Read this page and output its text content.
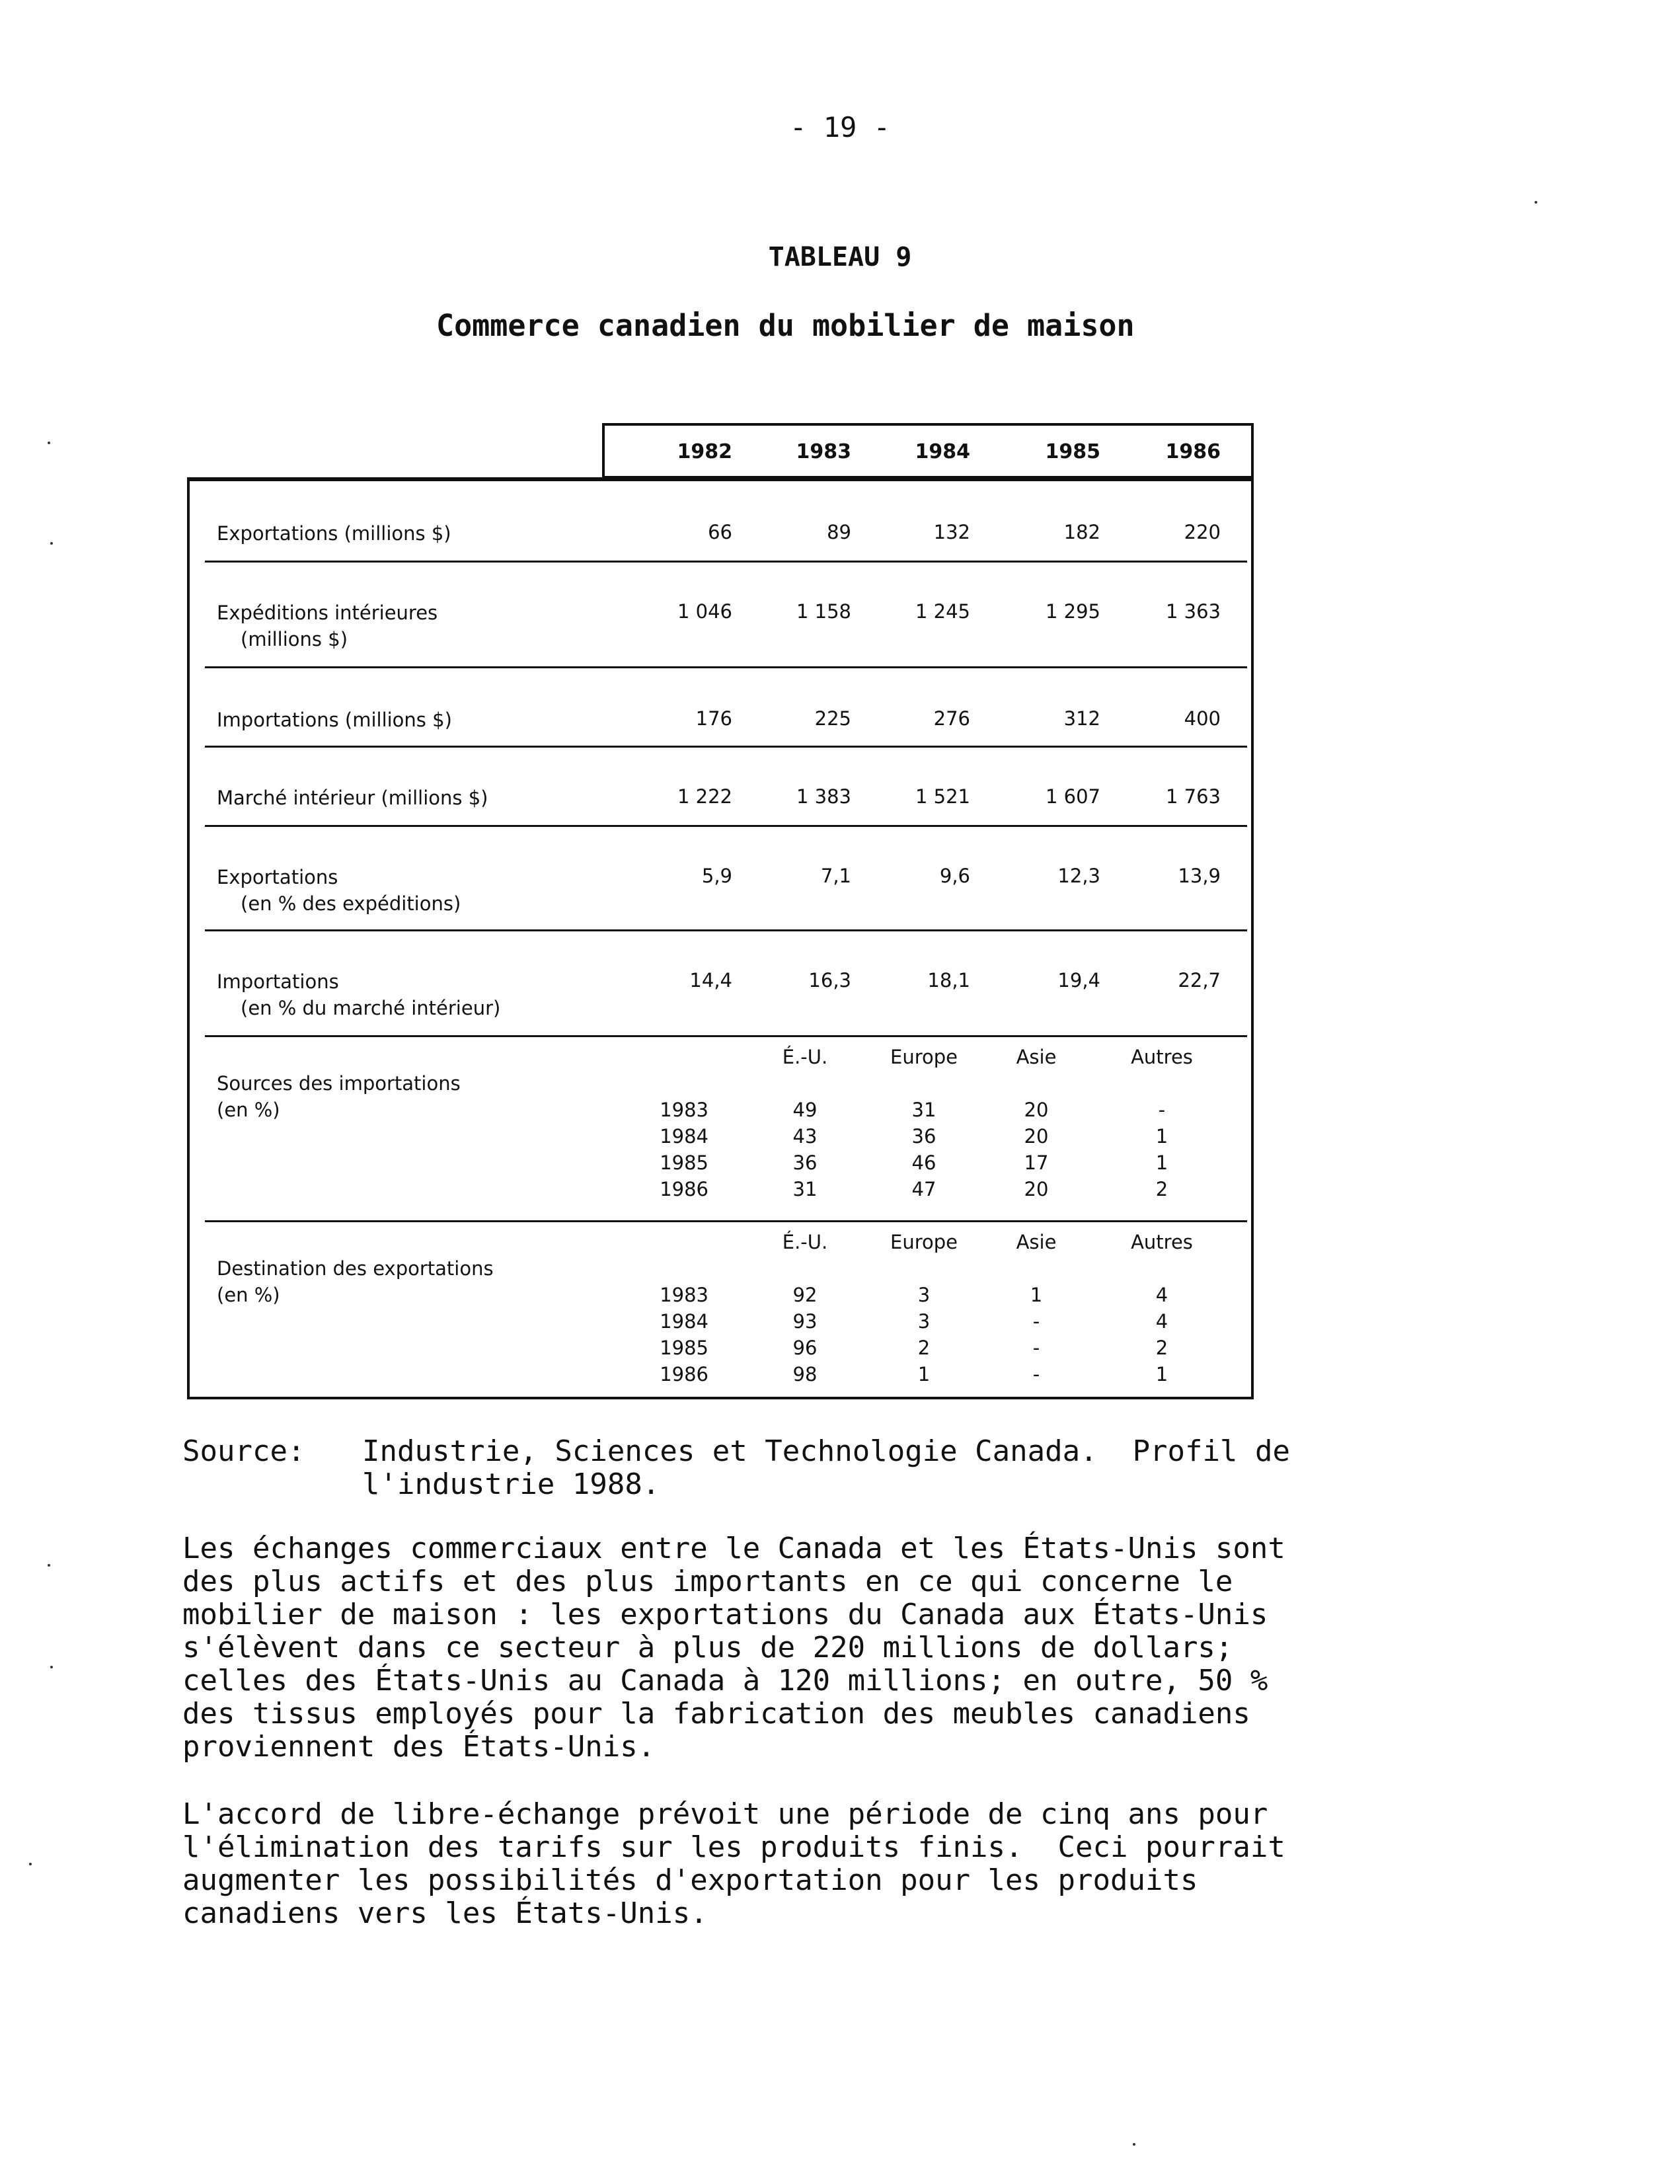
- 19 -
TABLEAU 9
Commerce canadien du mobilier de maison
1982	1983	1984	1985	1986
Exportations (millions $)	66	89	132	182	220
Expéditions intérieures
(millions $)
1 046	1 158	1 245	1 295	1 363
Importations (millions $)	176	225	276	312	400
Marché intérieur (millions $)	1 222	1 383	1 521	1 607	1 763
Exportations
(en % des expéditions)
5,9	7,1	9,6	12,3	13,9
Importations
(en % du marché intérieur)
14,4	16,3	18,1	19,4	22,7
É.-U.	Europe	Asie	Autres
Sources des importations
(en %)	1983	49	31	20	-
1984	43	36	20	1
1985	36	46	17	1
1986	31	47	20	2
É.-U.	Europe	Asie	Autres
Destination des exportations
(en %)	1983	92	3	1	4
1984	93	3	-	4
1985	96	2	-	2
1986	98	1	-	1
Source: Industrie, Sciences et Technologie Canada.  Profil de
l'industrie 1988.
Les échanges commerciaux entre le Canada et les États-Unis sont
des plus actifs et des plus importants en ce qui concerne le
mobilier de maison : les exportations du Canada aux États-Unis
s'élèvent dans ce secteur à plus de 220 millions de dollars;
celles des États-Unis au Canada à 120 millions; en outre, 50 %
des tissus employés pour la fabrication des meubles canadiens
proviennent des États-Unis.
L'accord de libre-échange prévoit une période de cinq ans pour
l'élimination des tarifs sur les produits finis.  Ceci pourrait
augmenter les possibilités d'exportation pour les produits
canadiens vers les États-Unis.
